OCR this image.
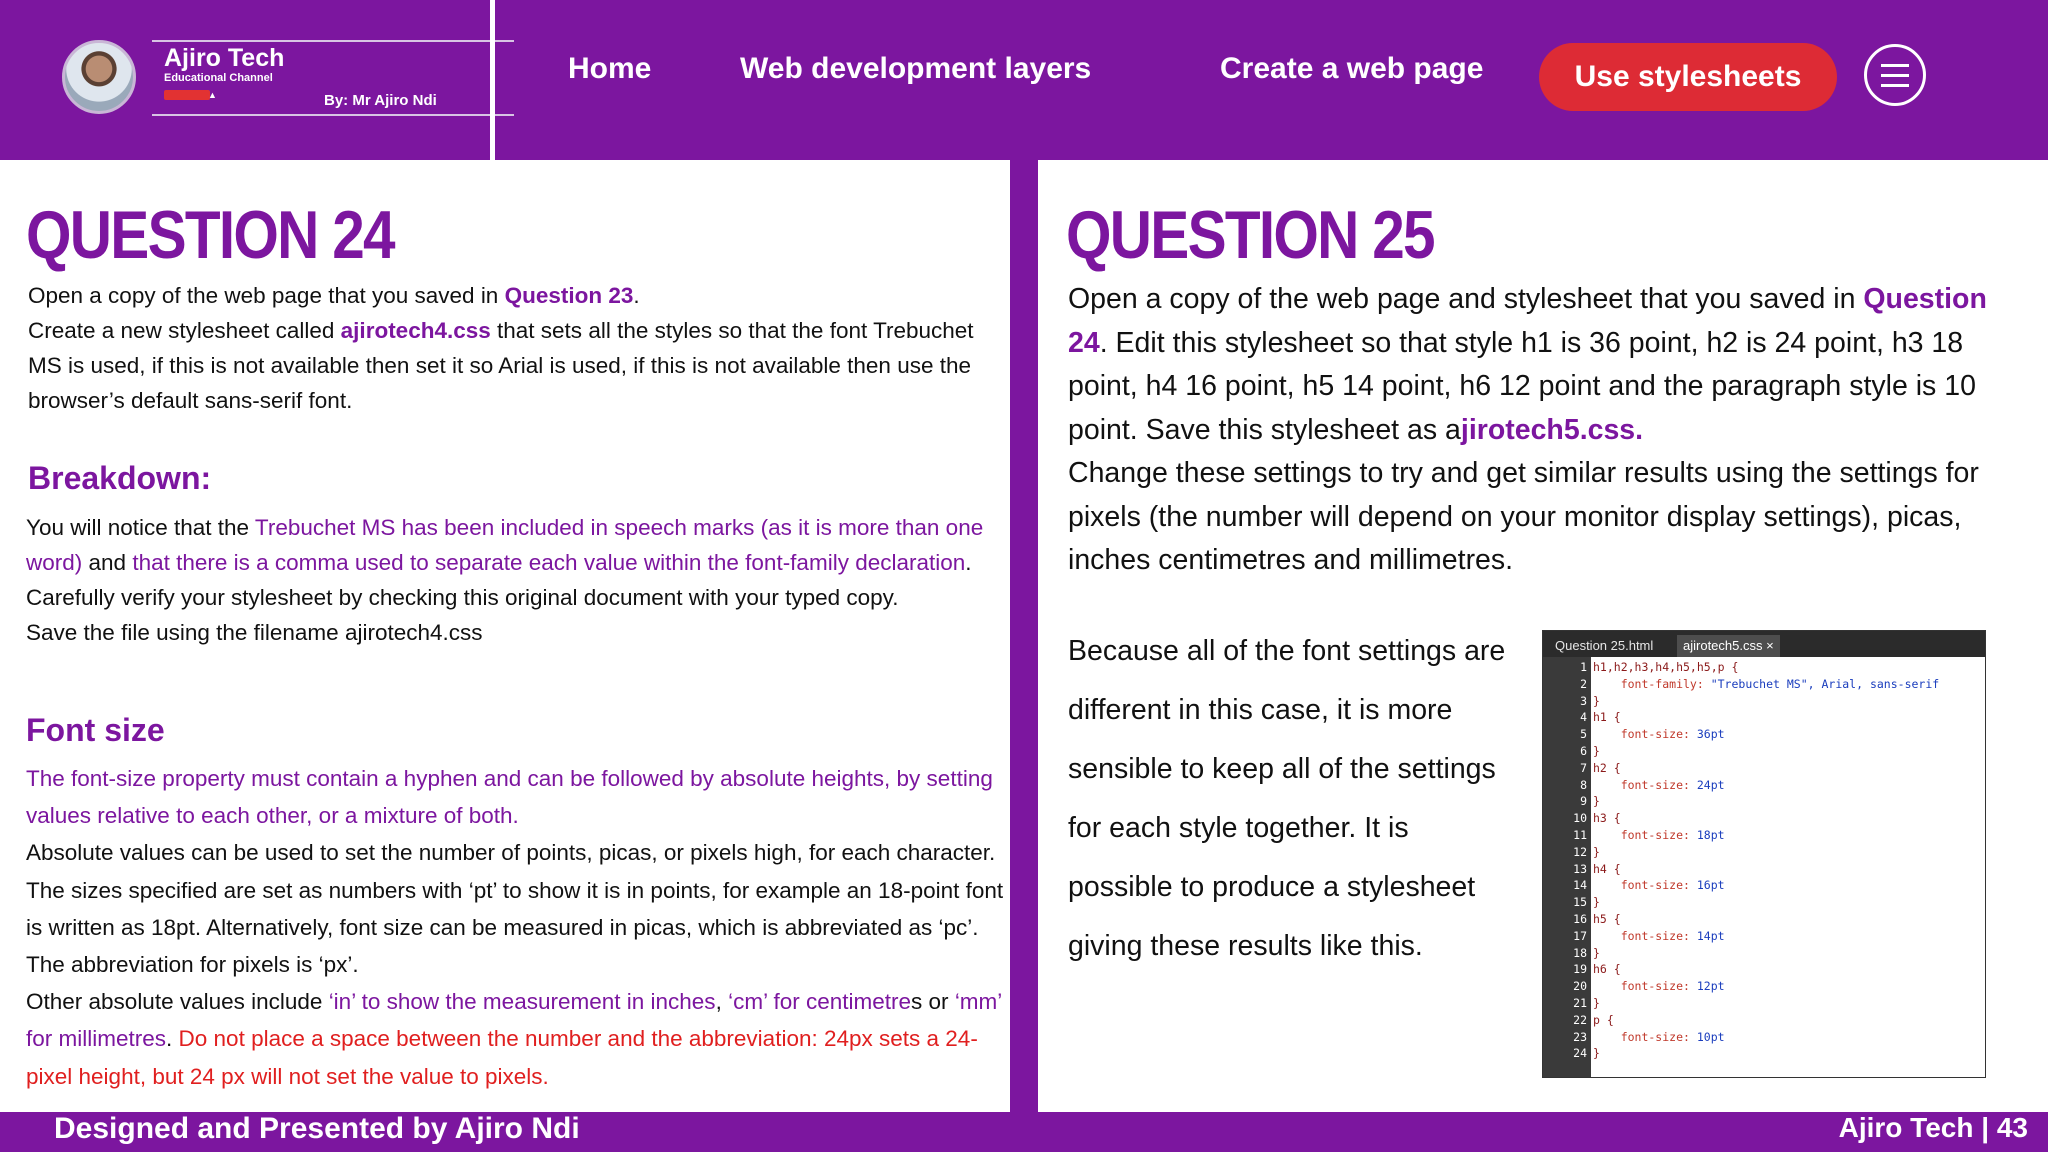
Ajiro Tech
Educational Channel
▲	By: Mr Ajiro Ndi
Home	Web development layers	Create a web page	Use stylesheets
QUESTION 24
Open a copy of the web page that you saved in Question 23.
Create a new stylesheet called ajirotech4.css that sets all the styles so that the font Trebuchet MS is used, if this is not available then set it so Arial is used, if this is not available then use the browser’s default sans-serif font.
Breakdown:
You will notice that the Trebuchet MS has been included in speech marks (as it is more than one word) and that there is a comma used to separate each value within the font-family declaration.
Carefully verify your stylesheet by checking this original document with your typed copy.
Save the file using the filename ajirotech4.css
Font size
The font-size property must contain a hyphen and can be followed by absolute heights, by setting values relative to each other, or a mixture of both.
Absolute values can be used to set the number of points, picas, or pixels high, for each character. The sizes specified are set as numbers with ‘pt’ to show it is in points, for example an 18-point font is written as 18pt. Alternatively, font size can be measured in picas, which is abbreviated as ‘pc’. The abbreviation for pixels is ‘px’.
Other absolute values include ‘in’ to show the measurement in inches, ‘cm’ for centimetres or ‘mm’ for millimetres. Do not place a space between the number and the abbreviation: 24px sets a 24-pixel height, but 24 px will not set the value to pixels.
QUESTION 25
Open a copy of the web page and stylesheet that you saved in Question 24. Edit this stylesheet so that style h1 is 36 point, h2 is 24 point, h3 18 point, h4 16 point, h5 14 point, h6 12 point and the paragraph style is 10 point. Save this stylesheet as ajirotech5.css.
Change these settings to try and get similar results using the settings for pixels (the number will depend on your monitor display settings), picas, inches centimetres and millimetres.
Because all of the font settings are different in this case, it is more sensible to keep all of the settings for each style together. It is possible to produce a stylesheet giving these results like this.
Question 25.html	ajirotech5.css ×
1 h1,h2,h3,h4,h5,h5,p {
2 font-family: "Trebuchet MS", Arial, sans-serif
3 }
4 h1 {
5 font-size: 36pt
6 }
7 h2 {
8 font-size: 24pt
9 }
10 h3 {
11 font-size: 18pt
12 }
13 h4 {
14 font-size: 16pt
15 }
16 h5 {
17 font-size: 14pt
18 }
19 h6 {
20 font-size: 12pt
21 }
22 p {
23 font-size: 10pt
24 }
Designed and Presented by Ajiro Ndi	Ajiro Tech | 43
